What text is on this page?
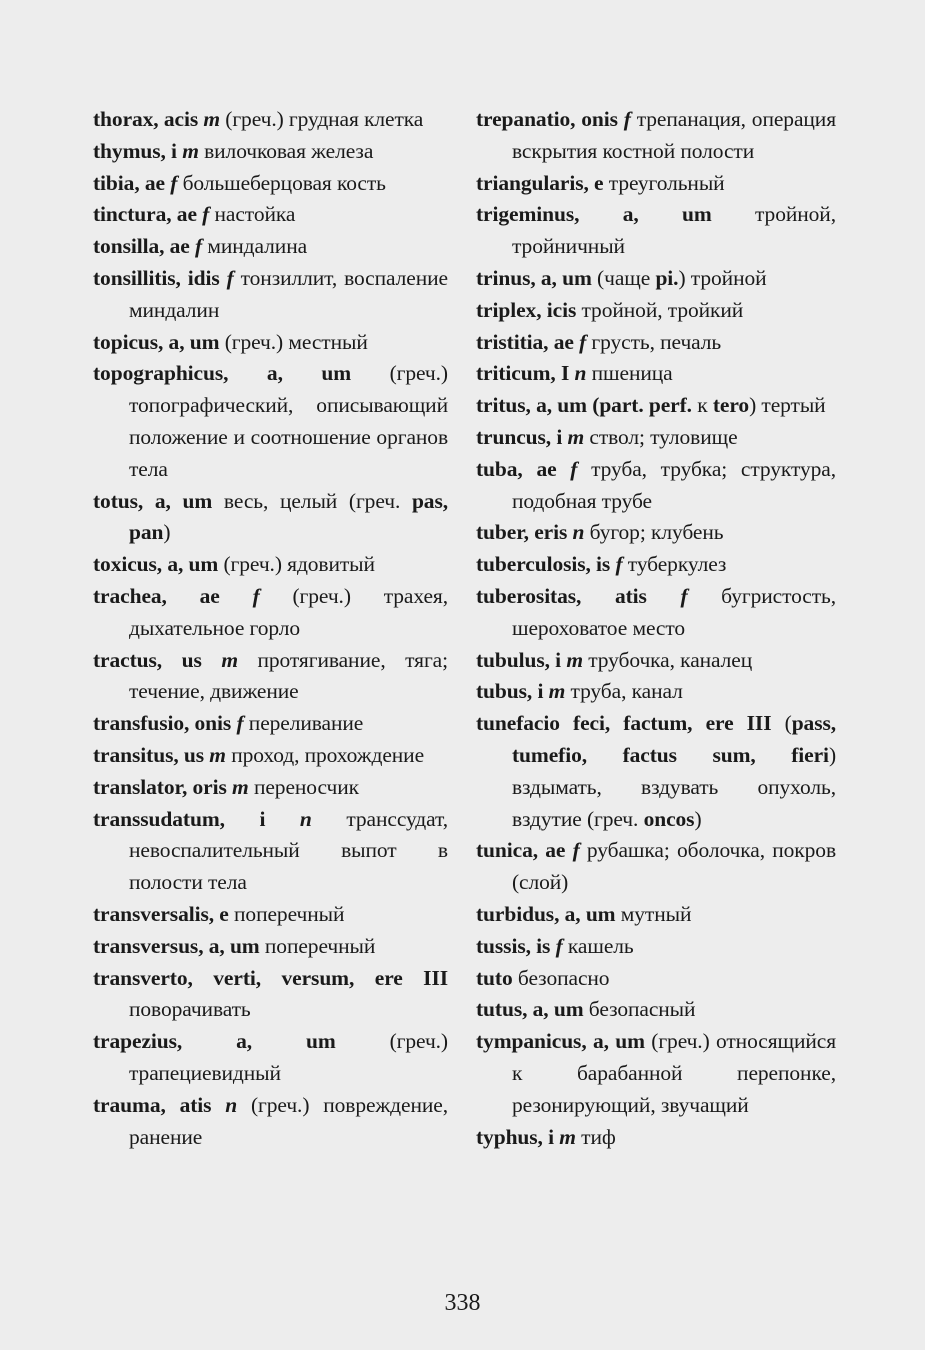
thorax, acis m (греч.) грудная клетка
thymus, i m вилочковая железа
tibia, ae f большеберцовая кость
tinctura, ae f настойка
tonsilla, ae f миндалина
tonsillitis, idis f тонзиллит, воспаление миндалин
topicus, a, um (греч.) местный
topographicus, a, um (греч.) топографический, описывающий положение и соотношение органов тела
totus, a, um весь, целый (греч. pas, pan)
toxicus, a, um (греч.) ядовитый
trachea, ae f (греч.) трахея, дыхательное горло
tractus, us m протягивание, тяга; течение, движение
transfusio, onis f переливание
transitus, us m проход, прохождение
translator, oris m переносчик
transsudatum, i n транссудат, невоспалительный выпот в полости тела
transversalis, e поперечный
transversus, a, um поперечный
transverto, verti, versum, ere III поворачивать
trapezius, a, um (греч.) трапециевидный
trauma, atis n (греч.) повреждение, ранение
trepanatio, onis f трепанация, операция вскрытия костной полости
triangularis, e треугольный
trigeminus, a, um тройной, тройничный
trinus, a, um (чаще pi.) тройной
triplex, icis тройной, тройкий
tristitia, ae f грусть, печаль
triticum, I n пшеница
tritus, a, um (part. perf. к tero) тертый
truncus, i m ствол; туловище
tuba, ae f труба, трубка; структура, подобная трубе
tuber, eris n бугор; клубень
tuberculosis, is f туберкулез
tuberositas, atis f бугристость, шероховатое место
tubulus, i m трубочка, каналец
tubus, i m труба, канал
tunefacio feci, factum, ere III (pass, tumefio, factus sum, fieri) вздымать, вздувать опухоль, вздутие (греч. oncos)
tunica, ae f рубашка; оболочка, покров (слой)
turbidus, a, um мутный
tussis, is f кашель
tuto безопасно
tutus, a, um безопасный
tympanicus, a, um (греч.) относящийся к барабанной перепонке, резонирующий, звучащий
typhus, i m тиф
338
